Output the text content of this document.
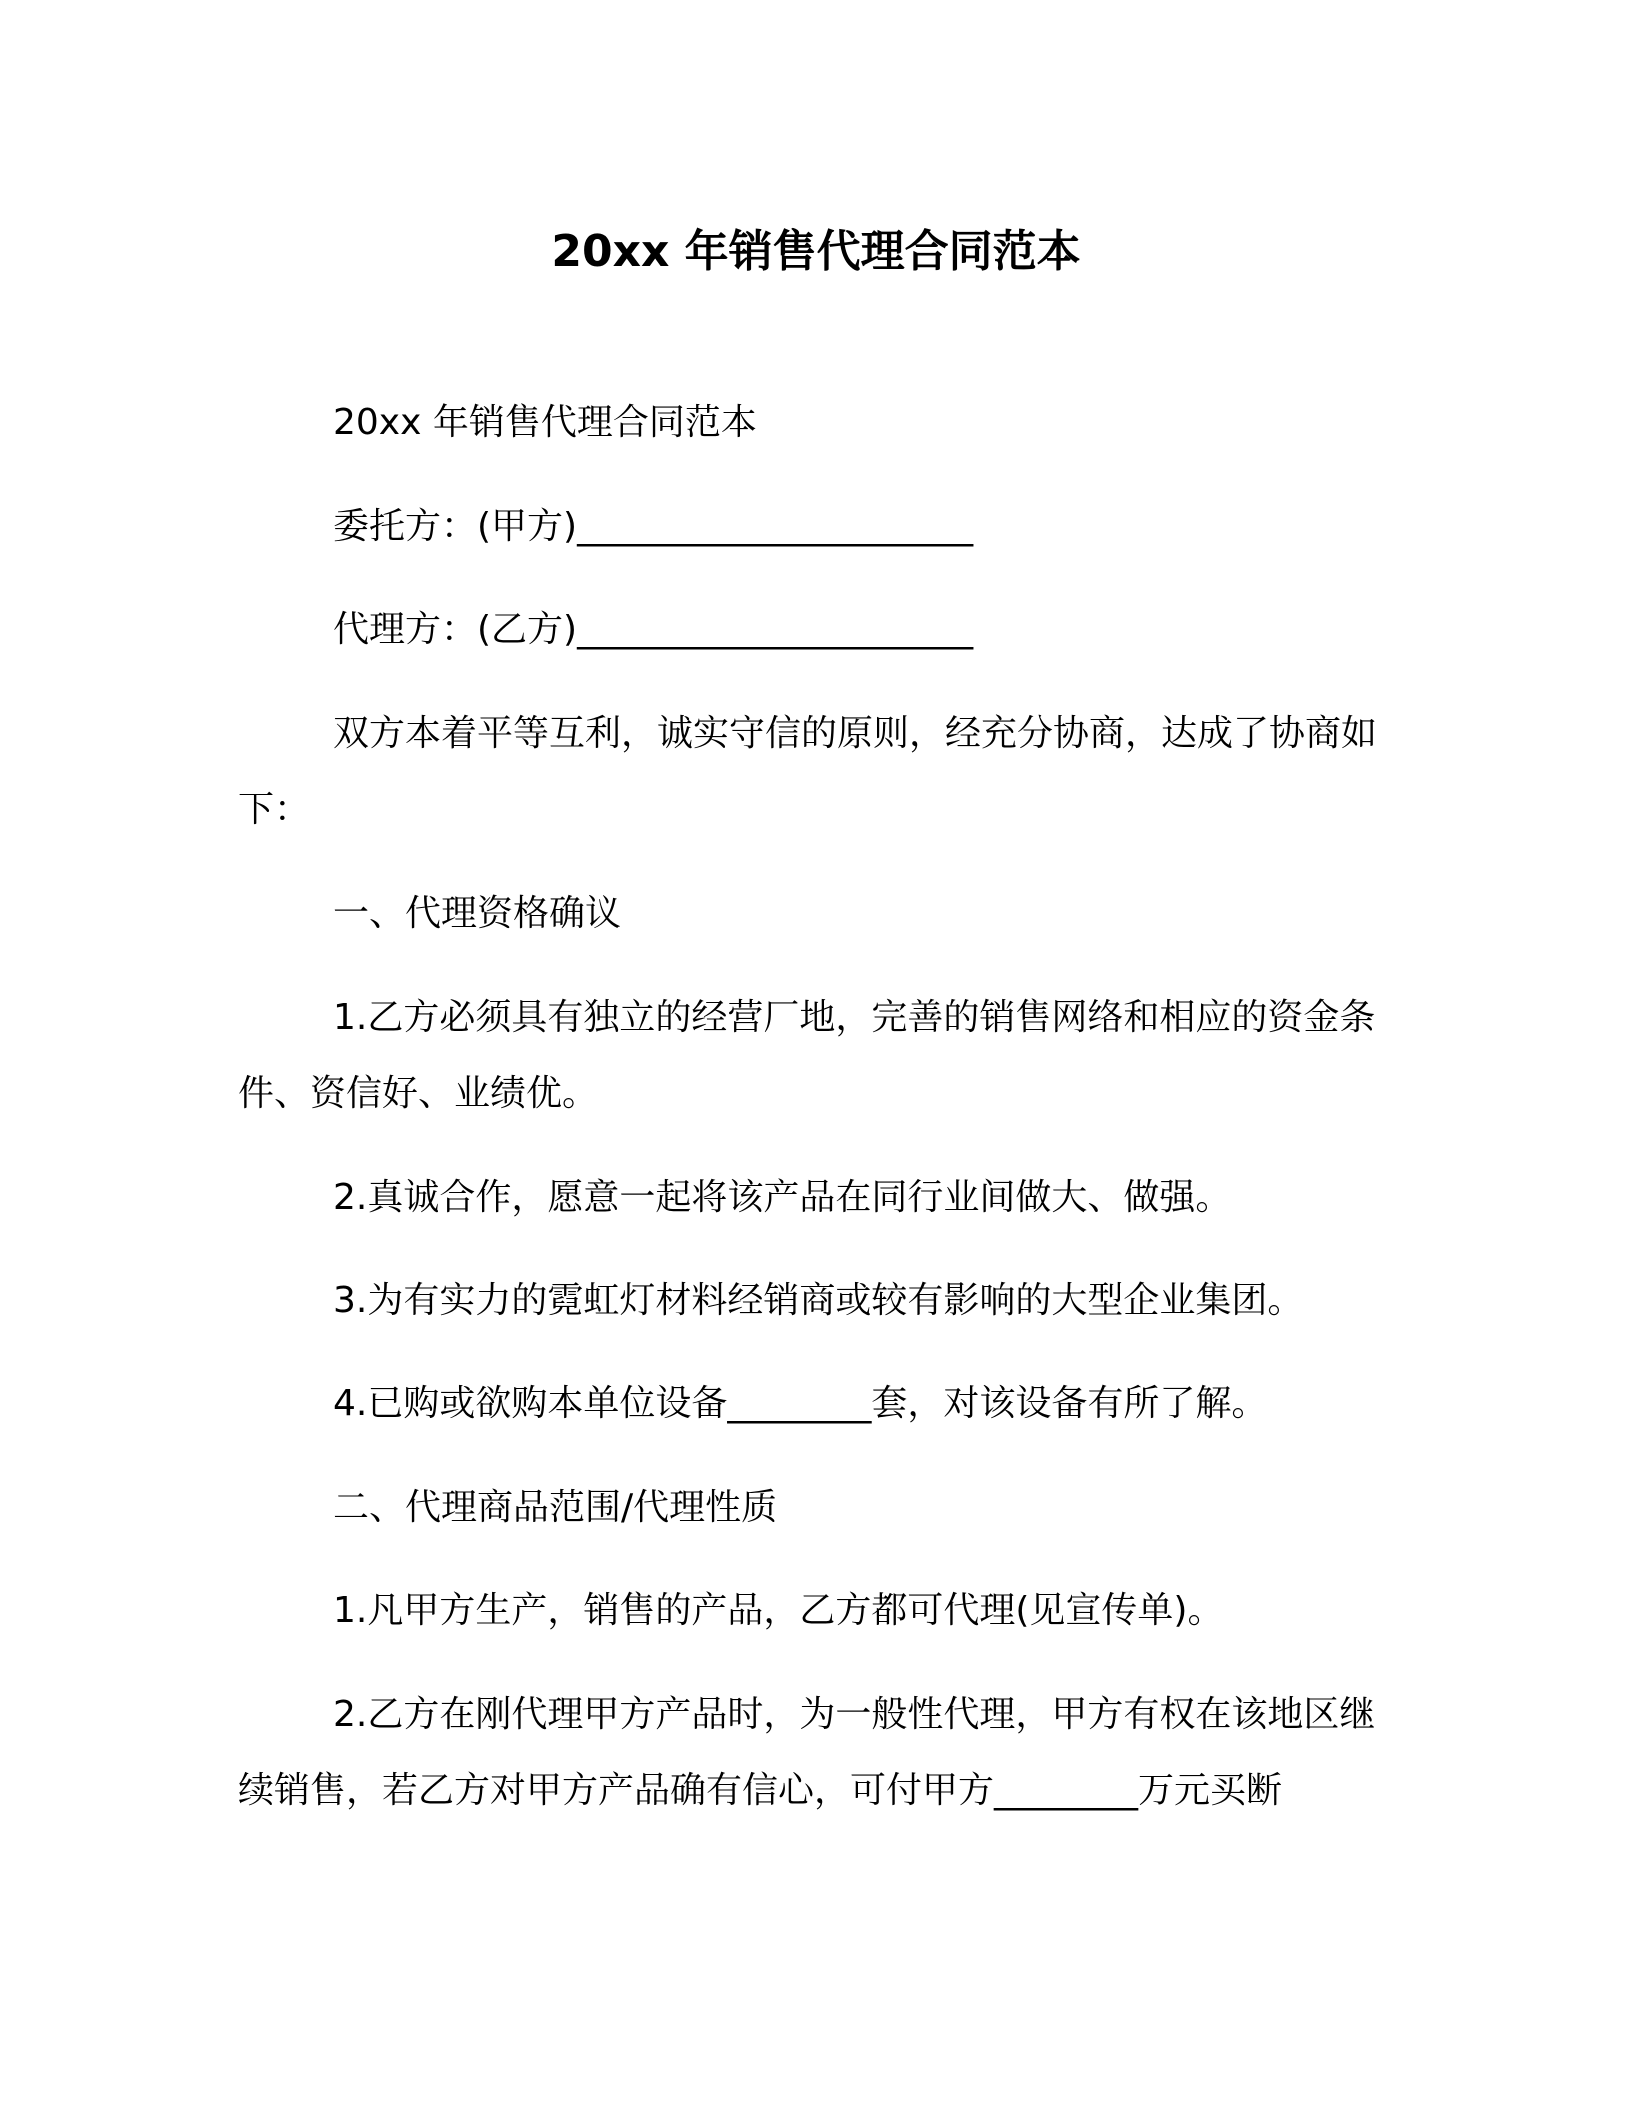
20xx 年销售代理合同范本
20xx 年销售代理合同范本
委托方：(甲方)______________________
代理方：(乙方)______________________
双方本着平等互利，诚实守信的原则，经充分协商，达成了协商如下：
一、代理资格确议
1.乙方必须具有独立的经营厂地，完善的销售网络和相应的资金条件、资信好、业绩优。
2.真诚合作，愿意一起将该产品在同行业间做大、做强。
3.为有实力的霓虹灯材料经销商或较有影响的大型企业集团。
4.已购或欲购本单位设备________套，对该设备有所了解。
二、代理商品范围/代理性质
1.凡甲方生产，销售的产品，乙方都可代理(见宣传单)。
2.乙方在刚代理甲方产品时，为一般性代理，甲方有权在该地区继续销售，若乙方对甲方产品确有信心，可付甲方________万元买断
